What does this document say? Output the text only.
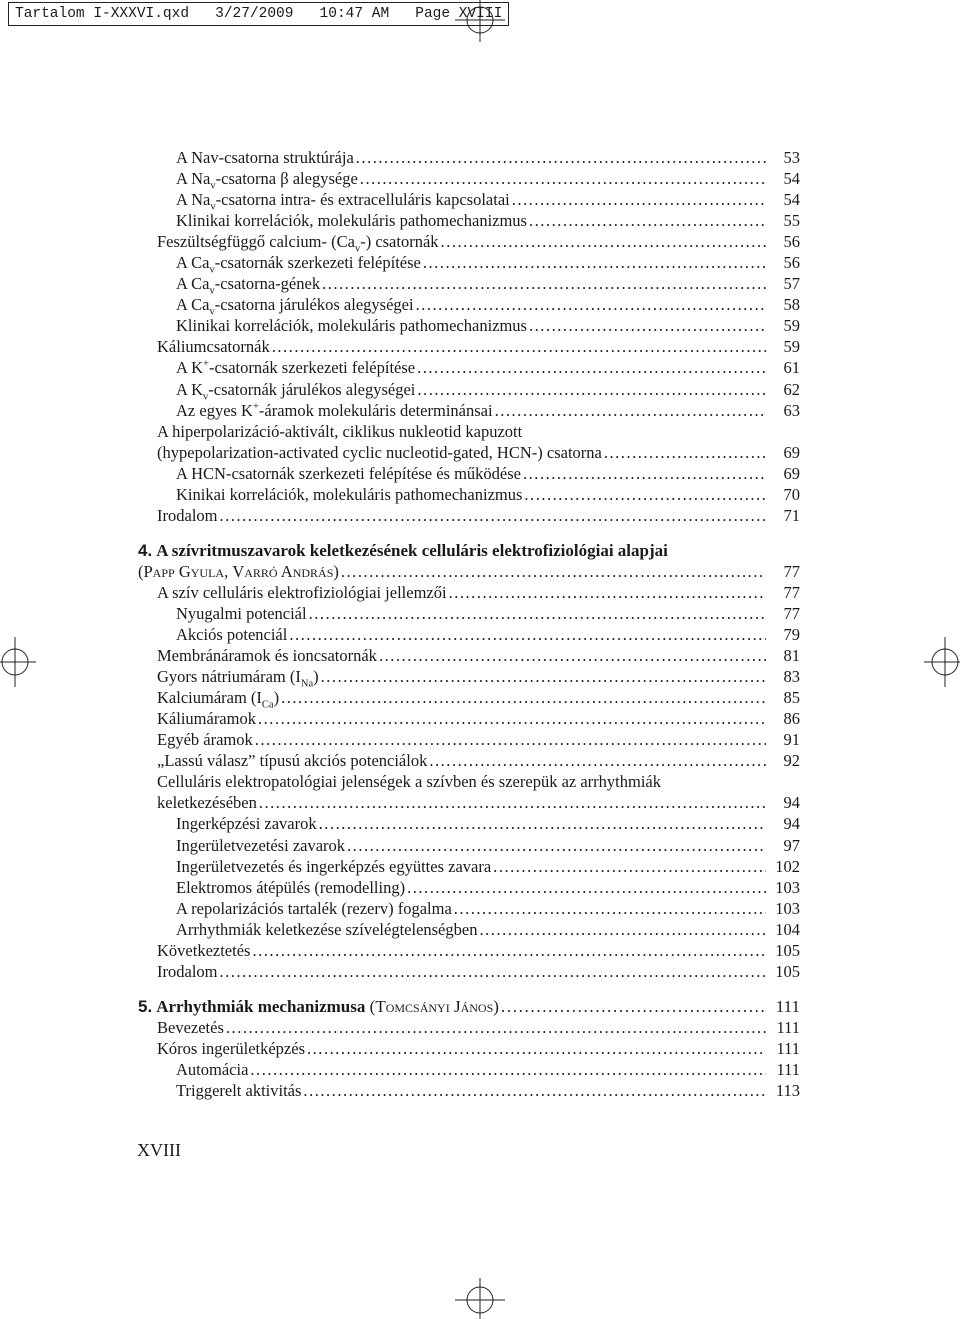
Tartalom I-XXXVI.qxd   3/27/2009   10:47 AM   Page XVIII
A Nav-csatorna struktúrája . . .	53
A $Na_v$-csatorna β alegysége . . .	54
A $Na_v$-csatorna intra- és extracelluláris kapcsolatai . . .	54
Klinikai korrelációk, molekuláris pathomechanizmus . . .	55
Feszültségfüggő calcium- $(Ca_v-)$ csatornák . . .	56
A $Ca_v$-csatornák szerkezeti felépítése . . .	56
A $Ca_v-csatorna$-gének . . .	57
A $Ca_v$-csatorna járulékos alegységei . . .	58
Klinikai korrelációk, molekuláris pathomechanizmus . . .	59
Káliumcsatornák . . .	59
A K+-csatornák szerkezeti felépítése . . .	61
A $K_v$-csatornák járulékos alegységei . . .	62
Az egyes K+-áramok molekuláris determinánsai . . .	63
A hiperpolarizáció-aktivált, ciklikus nukleotid kapuzott
(hypepolarization-activated cyclic nucleotid-gated, HCN-) csatorna . . .	69
A HCN-csatornák szerkezeti felépítése és működése . . .	69
Kinikai korrelációk, molekuláris pathomechanizmus . . .	70
Irodalom . . .	71
4. A szívritmuszavarok keletkezésének celluláris elektrofiziológiai alapjai
(Papp Gyula, Varró András) . . .	77
A szív celluláris elektrofiziológiai jellemzői . . .	77
Nyugalmi potenciál . . .	77
Akciós potenciál . . .	79
Membránáramok és ioncsatornák . . .	81
Gyors nátriumáram $(I_{Na})$ . . .	83
Kalciumáram $(I_{Ca})$ . . .	85
Káliumáramok . . .	86
Egyéb áramok . . .	91
„Lassú válasz” típusú akciós potenciálok . . .	92
Celluláris elektropatológiai jelenségek a szívben és szerepük az arrhythmiák
keletkezésében . . .	94
Ingerképzési zavarok . . .	94
Ingerületvezetési zavarok . . .	97
Ingerületvezetés és ingerképzés együttes zavara . . .	102
Elektromos átépülés (remodelling) . . .	103
A repolarizációs tartalék (rezerv) fogalma . . .	103
Arrhythmiák keletkezése szívelégtelenségben . . .	104
Következtetés . . .	105
Irodalom . . .	105
5. Arrhythmiák mechanizmusa (Tomcsányi János) . . .	111
Bevezetés . . .	111
Kóros ingerületképzés . . .	111
Automácia . . .	111
Triggerelt aktivitás . . .	113
XVIII
